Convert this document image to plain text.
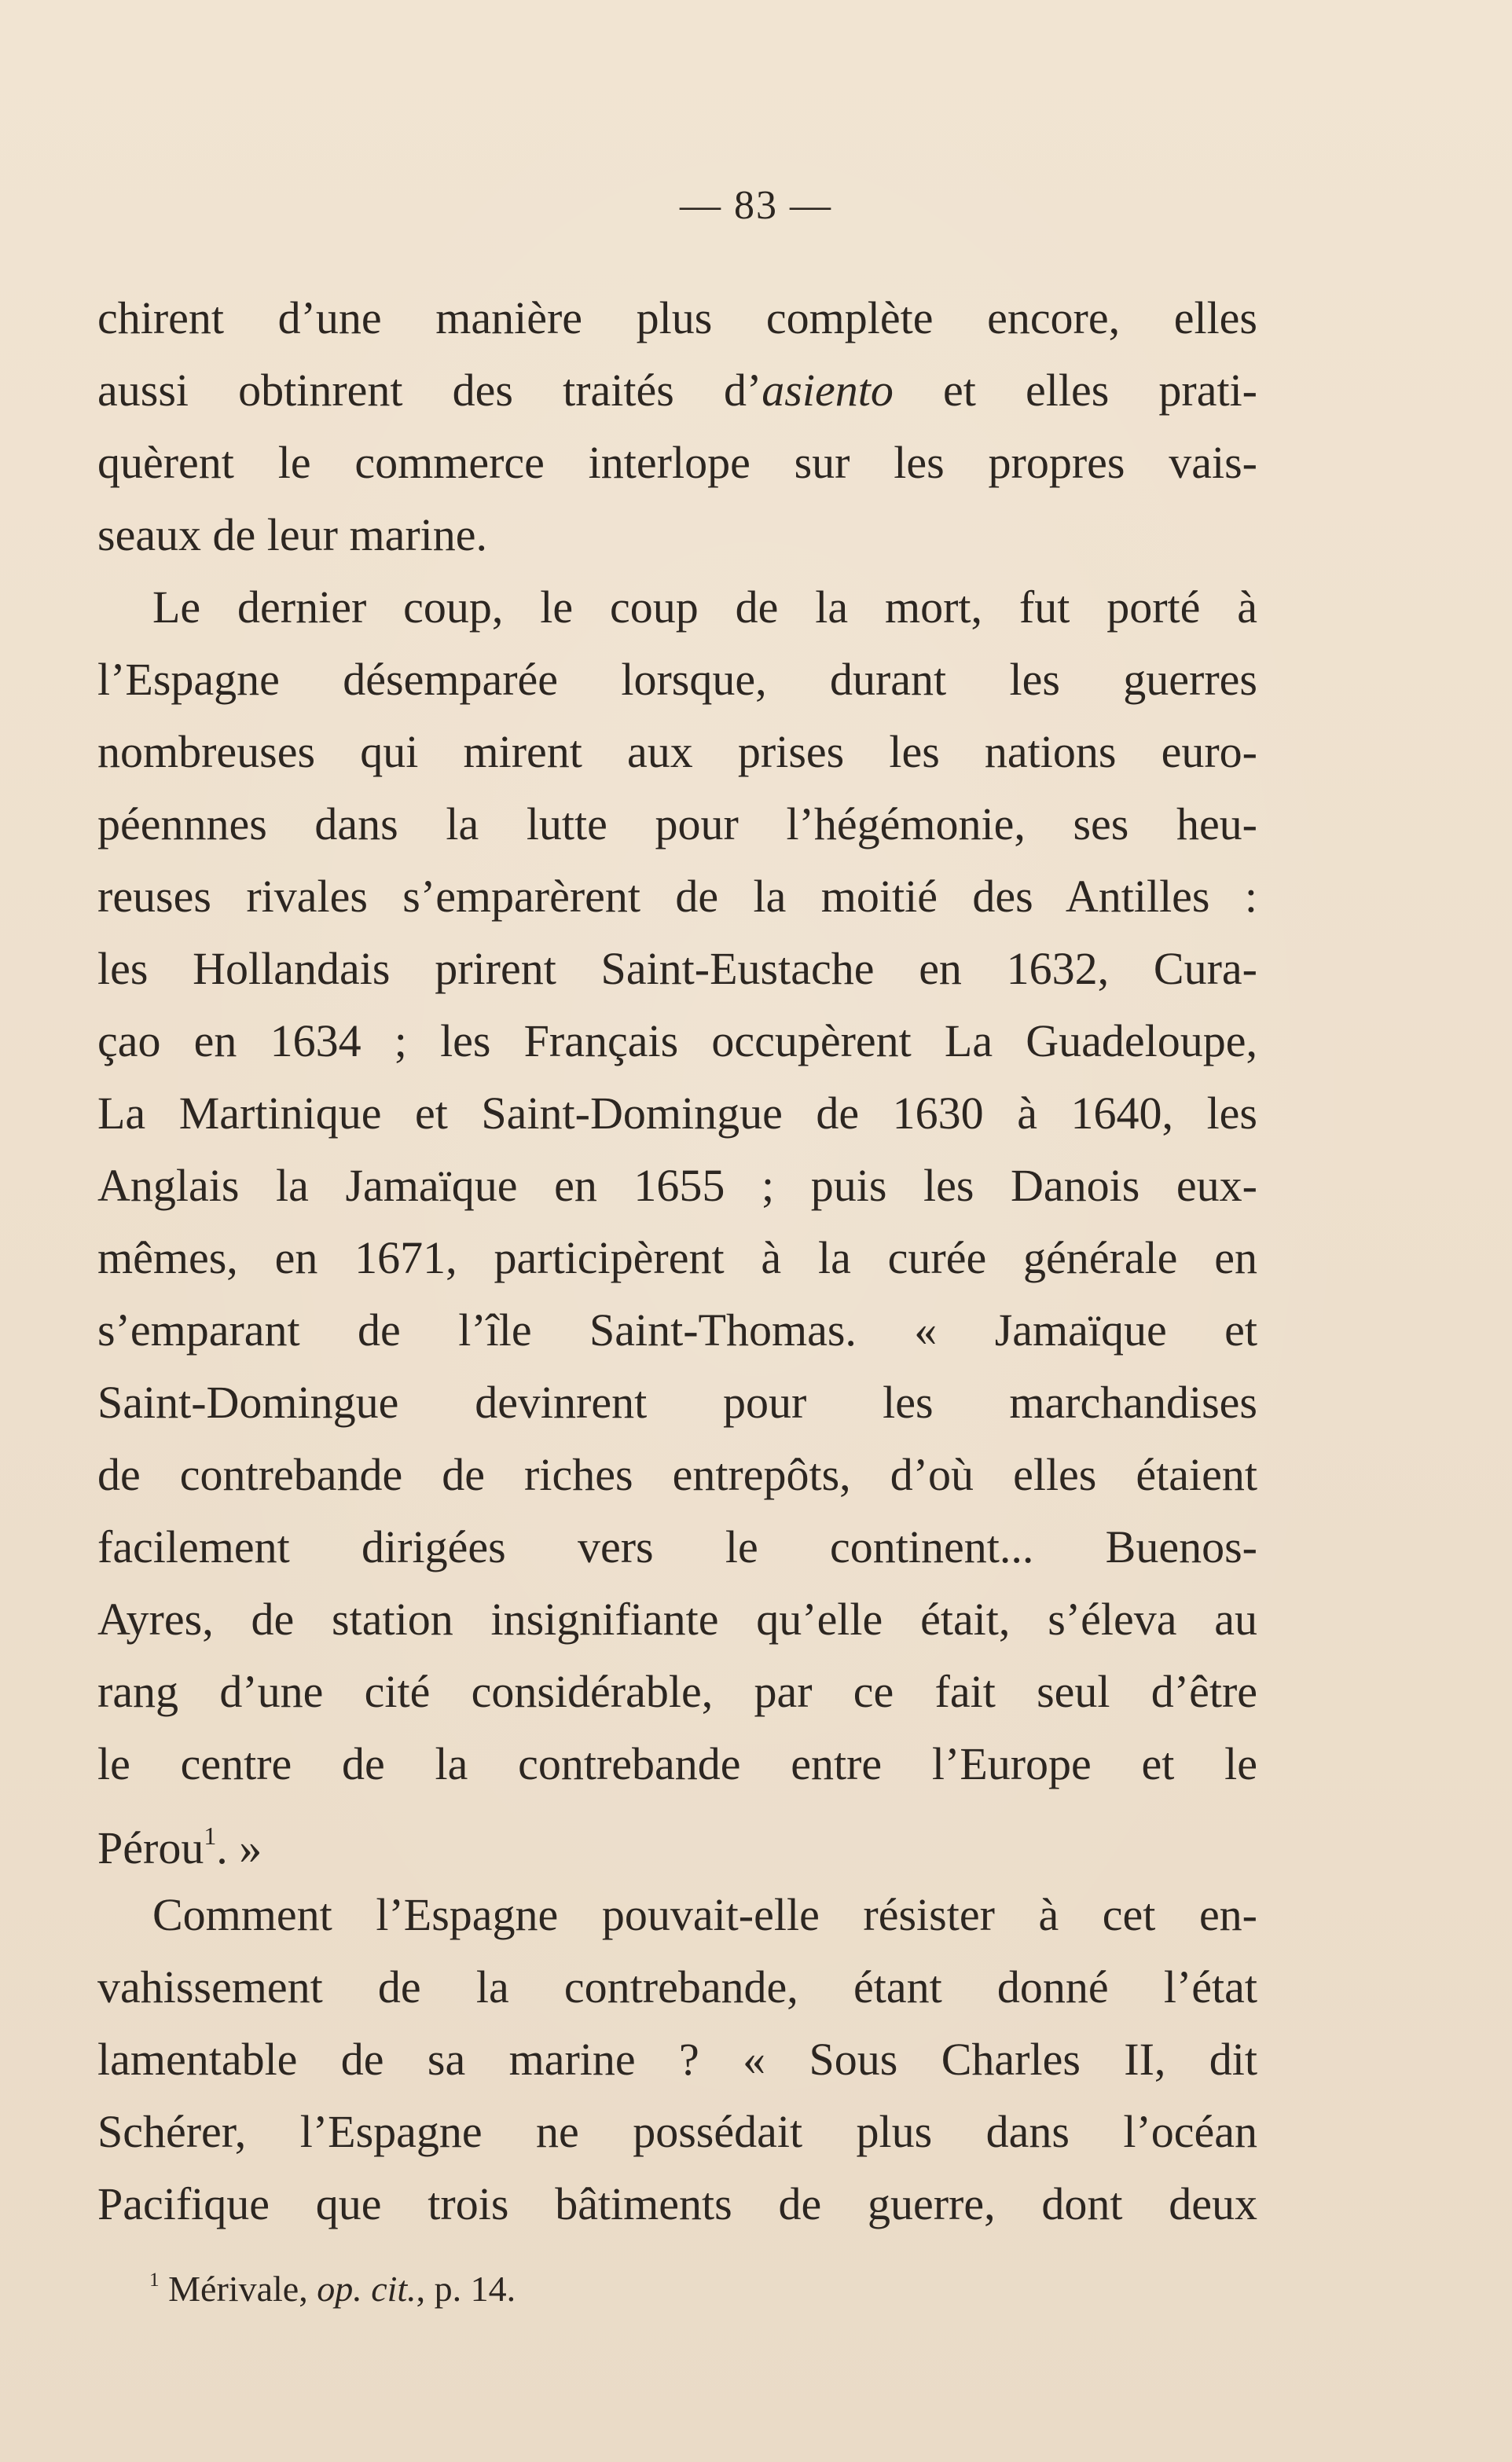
— 83 —
chirent d’une manière plus complète encore, elles
aussi obtinrent des traités d’asiento et elles prati-
quèrent le commerce interlope sur les propres vais-
seaux de leur marine.
Le dernier coup, le coup de la mort, fut porté à
l’Espagne désemparée lorsque, durant les guerres
nombreuses qui mirent aux prises les nations euro-
péennnes dans la lutte pour l’hégémonie, ses heu-
reuses rivales s’emparèrent de la moitié des Antilles :
les Hollandais prirent Saint-Eustache en 1632, Cura-
çao en 1634 ; les Français occupèrent La Guadeloupe,
La Martinique et Saint-Domingue de 1630 à 1640, les
Anglais la Jamaïque en 1655 ; puis les Danois eux-
mêmes, en 1671, participèrent à la curée générale en
s’emparant de l’île Saint-Thomas. « Jamaïque et
Saint-Domingue devinrent pour les marchandises
de contrebande de riches entrepôts, d’où elles étaient
facilement dirigées vers le continent... Buenos-
Ayres, de station insignifiante qu’elle était, s’éleva au
rang d’une cité considérable, par ce fait seul d’être
le centre de la contrebande entre l’Europe et le
Pérou$^1$. »
Comment l’Espagne pouvait-elle résister à cet en-
vahissement de la contrebande, étant donné l’état
lamentable de sa marine ? « Sous Charles II, dit
Schérer, l’Espagne ne possédait plus dans l’océan
Pacifique que trois bâtiments de guerre, dont deux
$^1$ Mérivale, op. cit., p. 14.
